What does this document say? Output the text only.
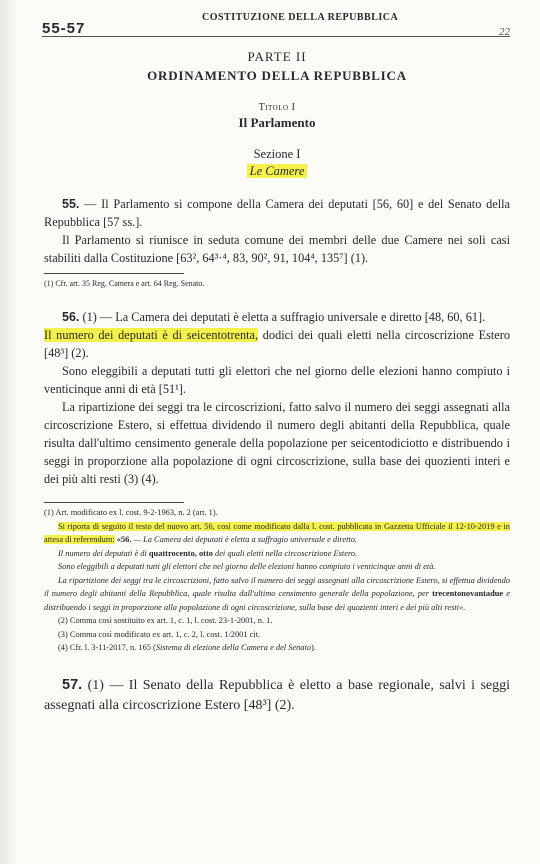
55-57
COSTITUZIONE DELLA REPUBBLICA
22
PARTE II
ORDINAMENTO DELLA REPUBBLICA
Titolo I
Il Parlamento
Sezione I
Le Camere

55. — Il Parlamento si compone della Camera dei deputati [56, 60] e del Senato della Repubblica [57 ss.].

Il Parlamento si riunisce in seduta comune dei membri delle due Camere nei soli casi stabiliti dalla Costituzione [63², 64³·⁴, 83, 90², 91, 104⁴, 135⁷] (1).

(1) Cfr. art. 35 Reg. Camera e art. 64 Reg. Senato.

56. (1) — La Camera dei deputati è eletta a suffragio universale e diretto [48, 60, 61].

Il numero dei deputati è di seicentotrenta, dodici dei quali eletti nella circoscrizione Estero [48³] (2).

Sono eleggibili a deputati tutti gli elettori che nel giorno delle elezioni hanno compiuto i venticinque anni di età [51¹].

La ripartizione dei seggi tra le circoscrizioni, fatto salvo il numero dei seggi assegnati alla circoscrizione Estero, si effettua dividendo il numero degli abitanti della Repubblica, quale risulta dall'ultimo censimento generale della popolazione per seicentodiciotto e distribuendo i seggi in proporzione alla popolazione di ogni circoscrizione, sulla base dei quozienti interi e dei più alti resti (3) (4).

(1) Art. modificato ex l. cost. 9-2-1963, n. 2 (art. 1).

Si riporta di seguito il testo del nuovo art. 56, così come modificato dalla l. cost. pubblicata in Gazzetta Ufficiale il 12-10-2019 e in attesa di referendum: «56. — La Camera dei deputati è eletta a suffragio universale e diretto.

Il numero dei deputati è di quattrocento, otto dei quali eletti nella circoscrizione Estero.

Sono eleggibili a deputati tutti gli elettori che nel giorno delle elezioni hanno compiuto i venticinque anni di età.

La ripartizione dei seggi tra le circoscrizioni, fatto salvo il numero dei seggi assegnati alla circoscrizione Estero, si effettua dividendo il numero degli abitanti della Repubblica, quale risulta dall'ultimo censimento generale della popolazione, per trecentonovantadue e distribuendo i seggi in proporzione alla popolazione di ogni circoscrizione, sulla base dei quozienti interi e dei più alti resti».

(2) Comma così sostituito ex art. 1, c. 1, l. cost. 23-1-2001, n. 1.
(3) Comma così modificato ex art. 1, c. 2, l. cost. 1/2001 cit.
(4) Cfr. l. 3-11-2017, n. 165 (Sistema di elezione della Camera e del Senato).

57. (1) — Il Senato della Repubblica è eletto a base regionale, salvi i seggi assegnati alla circoscrizione Estero [48³] (2).
